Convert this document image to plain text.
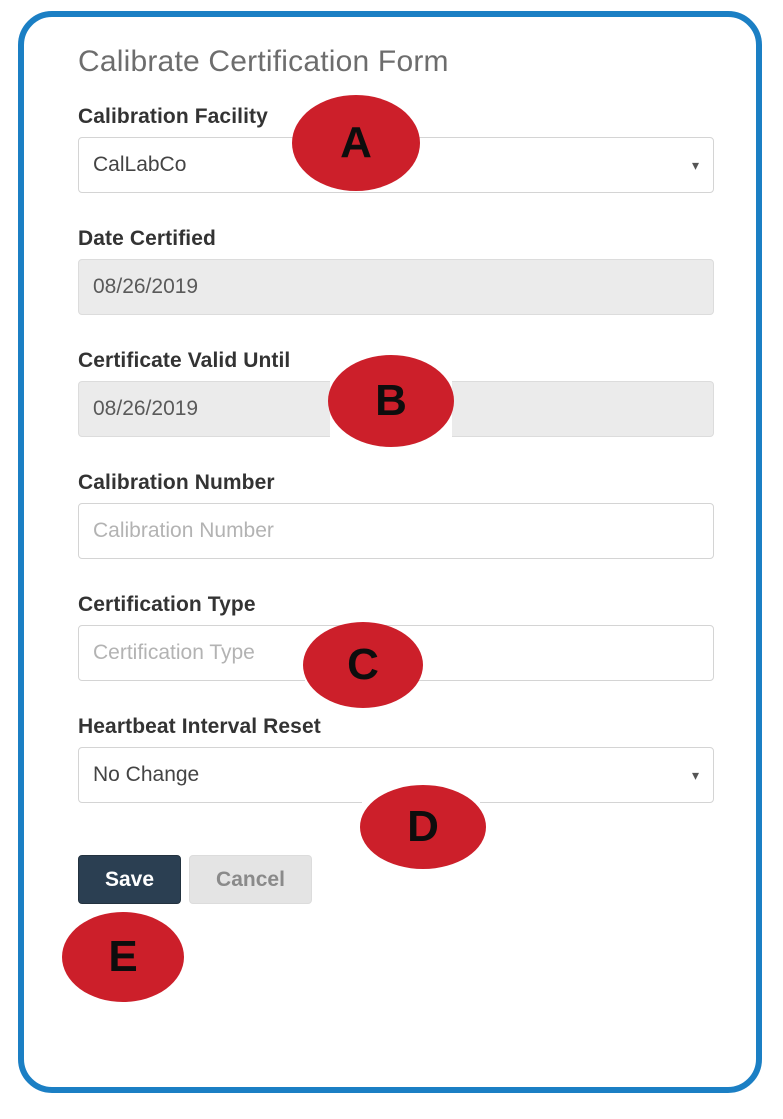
Calibrate Certification Form
Calibration Facility
CalLabCo	▾
Date Certified
08/26/2019
Certificate Valid Until
08/26/2019
Calibration Number
Calibration Number
Certification Type
Certification Type
Heartbeat Interval Reset
No Change	▾
Save	Cancel
A
B
C
D
E
